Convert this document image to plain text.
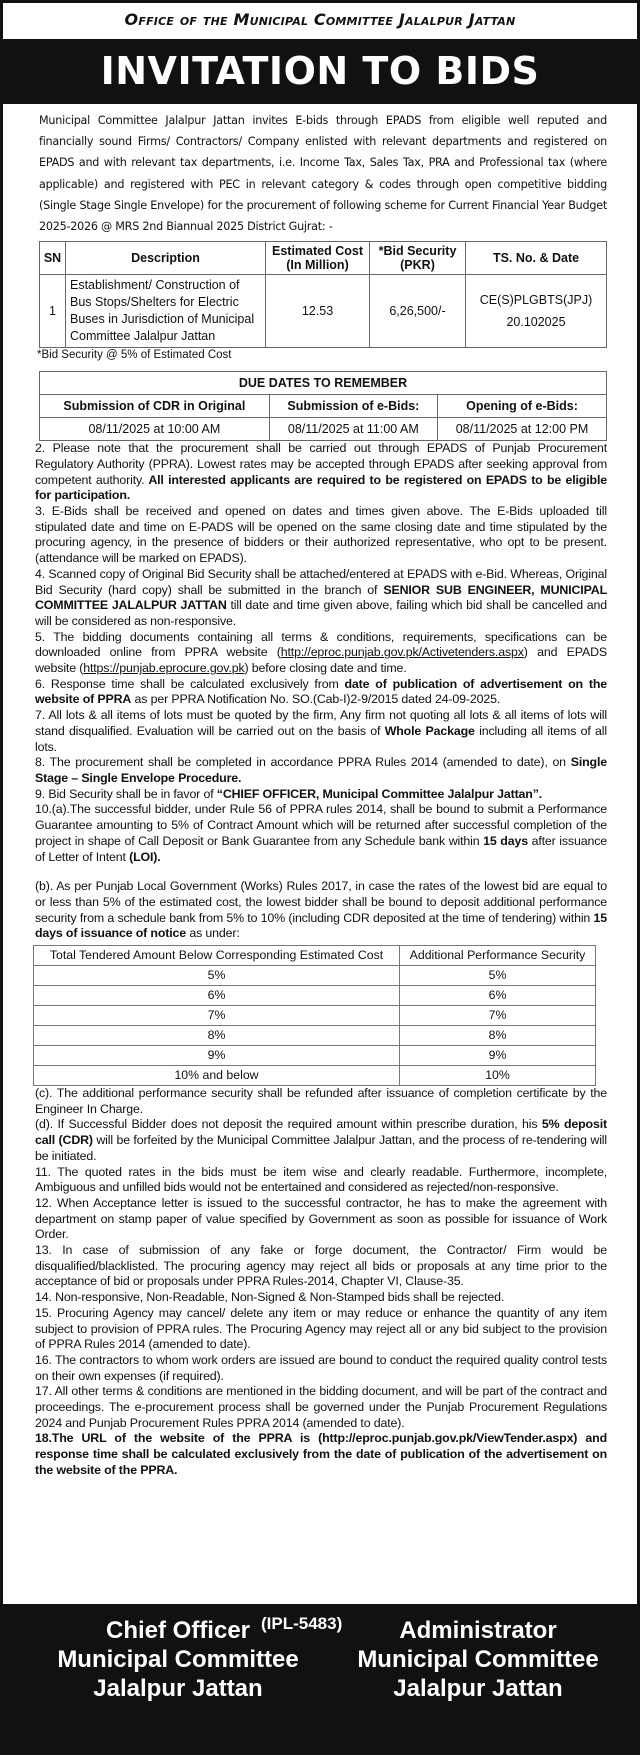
Office of the Municipal Committee Jalalpur Jattan
INVITATION TO BIDS

Municipal Committee Jalalpur Jattan invites E-bids through EPADS from eligible well reputed and financially sound Firms/ Contractors/ Company enlisted with relevant departments and registered on EPADS and with relevant tax departments, i.e. Income Tax, Sales Tax, PRA and Professional tax (where applicable) and registered with PEC in relevant category & codes through open competitive bidding (Single Stage Single Envelope) for the procurement of following scheme for Current Financial Year Budget 2025-2026 @ MRS 2nd Biannual 2025 District Gujrat: -

SN	Description	Estimated Cost (In Million)	*Bid Security (PKR)	TS. No. & Date
1	Establishment/ Construction of Bus Stops/Shelters for Electric Buses in Jurisdiction of Municipal Committee Jalalpur Jattan	12.53	6,26,500/-	CE(S)PLGBTS(JPJ)
20.102025
*Bid Security @ 5% of Estimated Cost
DUE DATES TO REMEMBER		
Submission of CDR in Original	Submission of e-Bids:	Opening of e-Bids:
08/11/2025 at 10:00 AM	08/11/2025 at 11:00 AM	08/11/2025 at 12:00 PM

2. Please note that the procurement shall be carried out through EPADS of Punjab Procurement Regulatory Authority (PPRA). Lowest rates may be accepted through EPADS after seeking approval from competent authority. All interested applicants are required to be registered on EPADS to be eligible for participation.

3. E-Bids shall be received and opened on dates and times given above. The E-Bids uploaded till stipulated date and time on E-PADS will be opened on the same closing date and time stipulated by the procuring agency, in the presence of bidders or their authorized representative, who opt to be present. (attendance will be marked on EPADS).

4. Scanned copy of Original Bid Security shall be attached/entered at EPADS with e-Bid. Whereas, Original Bid Security (hard copy) shall be submitted in the branch of SENIOR SUB ENGINEER, MUNICIPAL COMMITTEE JALALPUR JATTAN till date and time given above, failing which bid shall be cancelled and will be considered as non-responsive.

5. The bidding documents containing all terms & conditions, requirements, specifications can be downloaded online from PPRA website (http://eproc.punjab.gov.pk/Activetenders.aspx) and EPADS website (https://punjab.eprocure.gov.pk) before closing date and time.

6. Response time shall be calculated exclusively from date of publication of advertisement on the website of PPRA as per PPRA Notification No. SO.(Cab-I)2-9/2015 dated 24-09-2025.

7. All lots & all items of lots must be quoted by the firm, Any firm not quoting all lots & all items of lots will stand disqualified. Evaluation will be carried out on the basis of Whole Package including all items of all lots.

8. The procurement shall be completed in accordance PPRA Rules 2014 (amended to date), on Single Stage – Single Envelope Procedure.

9. Bid Security shall be in favor of “CHIEF OFFICER, Municipal Committee Jalalpur Jattan”.

10.(a).The successful bidder, under Rule 56 of PPRA rules 2014, shall be bound to submit a Performance Guarantee amounting to 5% of Contract Amount which will be returned after successful completion of the project in shape of Call Deposit or Bank Guarantee from any Schedule bank within 15 days after issuance of Letter of Intent (LOI).

(b). As per Punjab Local Government (Works) Rules 2017, in case the rates of the lowest bid are equal to or less than 5% of the estimated cost, the lowest bidder shall be bound to deposit additional performance security from a schedule bank from 5% to 10% (including CDR deposited at the time of tendering) within 15 days of issuance of notice as under:

Total Tendered Amount Below Corresponding Estimated Cost	Additional Performance Security
5%	5%
6%	6%
7%	7%
8%	8%
9%	9%
10% and below	10%

(c). The additional performance security shall be refunded after issuance of completion certificate by the Engineer In Charge.

(d). If Successful Bidder does not deposit the required amount within prescribe duration, his 5% deposit call (CDR) will be forfeited by the Municipal Committee Jalalpur Jattan, and the process of re-tendering will be initiated.

11. The quoted rates in the bids must be item wise and clearly readable. Furthermore, incomplete, Ambiguous and unfilled bids would not be entertained and considered as rejected/non-responsive.

12. When Acceptance letter is issued to the successful contractor, he has to make the agreement with department on stamp paper of value specified by Government as soon as possible for issuance of Work Order.

13. In case of submission of any fake or forge document, the Contractor/ Firm would be disqualified/blacklisted. The procuring agency may reject all bids or proposals at any time prior to the acceptance of bid or proposals under PPRA Rules-2014, Chapter VI, Clause-35.

14. Non-responsive, Non-Readable, Non-Signed & Non-Stamped bids shall be rejected.

15. Procuring Agency may cancel/ delete any item or may reduce or enhance the quantity of any item subject to provision of PPRA rules. The Procuring Agency may reject all or any bid subject to the provision of PPRA Rules 2014 (amended to date).

16. The contractors to whom work orders are issued are bound to conduct the required quality control tests on their own expenses (if required).

17. All other terms & conditions are mentioned in the bidding document, and will be part of the contract and proceedings. The e-procurement process shall be governed under the Punjab Procurement Regulations 2024 and Punjab Procurement Rules PPRA 2014 (amended to date).

18.The URL of the website of the PPRA is (http://eproc.punjab.gov.pk/ViewTender.aspx) and response time shall be calculated exclusively from the date of publication of the advertisement on the website of the PPRA.

Chief Officer
Municipal Committee
Jalalpur Jattan
(IPL-5483)	Administrator
Municipal Committee
Jalalpur Jattan
